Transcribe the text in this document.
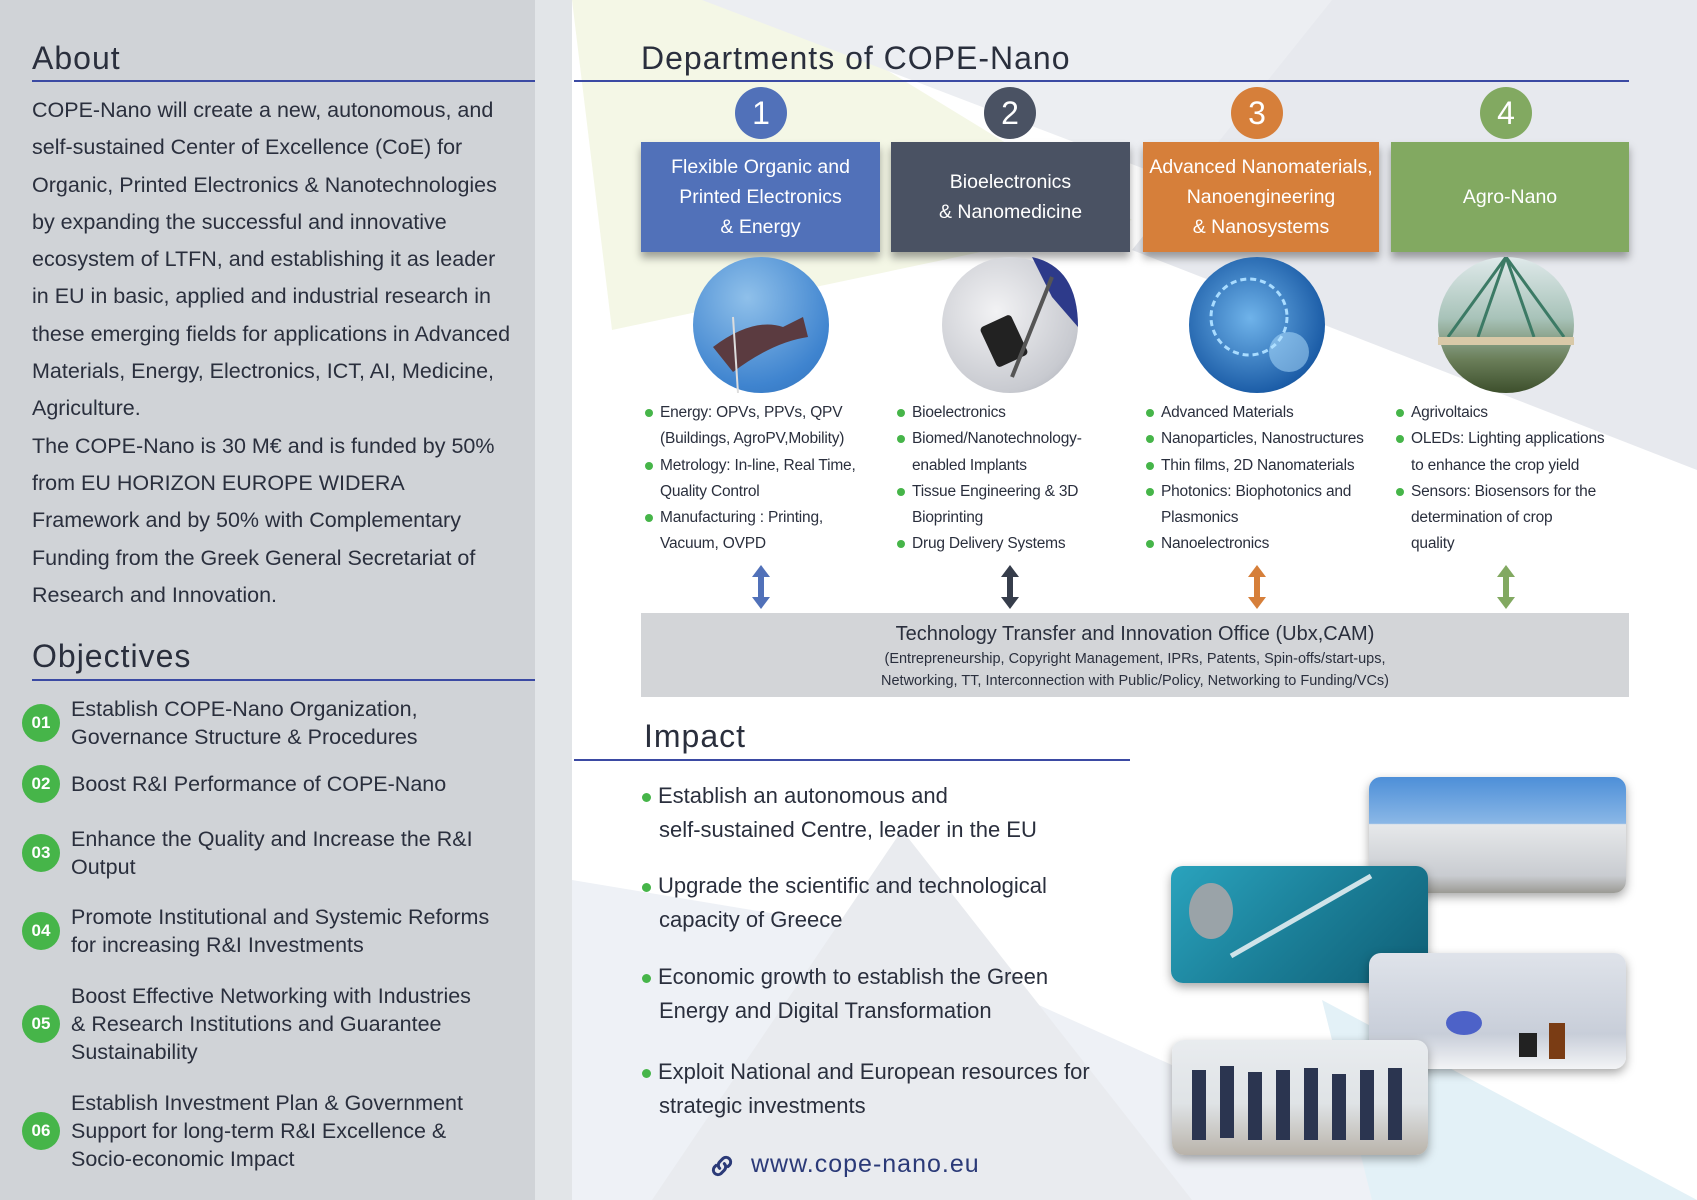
About

COPE-Nano will create a new, autonomous, and

self-sustained Center of Excellence (CoE) for

Organic, Printed Electronics & Nanotechnologies

by expanding the successful and innovative

ecosystem of LTFN, and establishing it as leader

in EU in basic, applied and industrial research in

these emerging fields for applications in Advanced

Materials, Energy, Electronics, ICT, AI, Medicine,

Agriculture.

The COPE-Nano is 30 M€ and is funded by 50%

from EU HORIZON EUROPE WIDERA

Framework and by 50% with Complementary

Funding from the Greek General Secretariat of

Research and Innovation.

Objectives
01
Establish COPE-Nano Organization,
Governance Structure & Procedures
02 Boost R&I Performance of COPE-Nano
03
Enhance the Quality and Increase the R&I
Output
04
Promote Institutional and Systemic Reforms
for increasing R&I Investments
05
Boost Effective Networking with Industries
& Research Institutions and Guarantee
Sustainability
06
Establish Investment Plan & Government
Support for long-term R&I Excellence &
Socio-economic Impact
Departments of COPE-Nano
1
Flexible Organic and
Printed Electronics
& Energy
Energy: OPVs, PPVs, QPV
(Buildings, AgroPV,Mobility)
Metrology: In-line, Real Time,
Quality Control
Manufacturing : Printing,
Vacuum, OVPD
2
Bioelectronics
& Nanomedicine
Bioelectronics
Biomed/Nanotechnology-
enabled Implants
Tissue Engineering & 3D
Bioprinting
Drug Delivery Systems
3
Advanced Nanomaterials,
Nanoengineering
& Nanosystems
Advanced Materials
Nanoparticles, Nanostructures
Thin films, 2D Nanomaterials
Photonics: Biophotonics and
Plasmonics
Nanoelectronics
4
Agro-Nano
Agrivoltaics
OLEDs: Lighting applications
to enhance the crop yield
Sensors: Biosensors for the
determination of crop
quality
Technology Transfer and Innovation Office (Ubx,CAM)
(Entrepreneurship, Copyright Management, IPRs, Patents, Spin-offs/start-ups,
Networking, TT, Interconnection with Public/Policy, Networking to Funding/VCs)
Impact
Establish an autonomous and
self-sustained Centre, leader in the EU
Upgrade the scientific and technological
capacity of Greece
Economic growth to establish the Green
Energy and Digital Transformation
Exploit National and European resources for
strategic investments
www.cope-nano.eu
